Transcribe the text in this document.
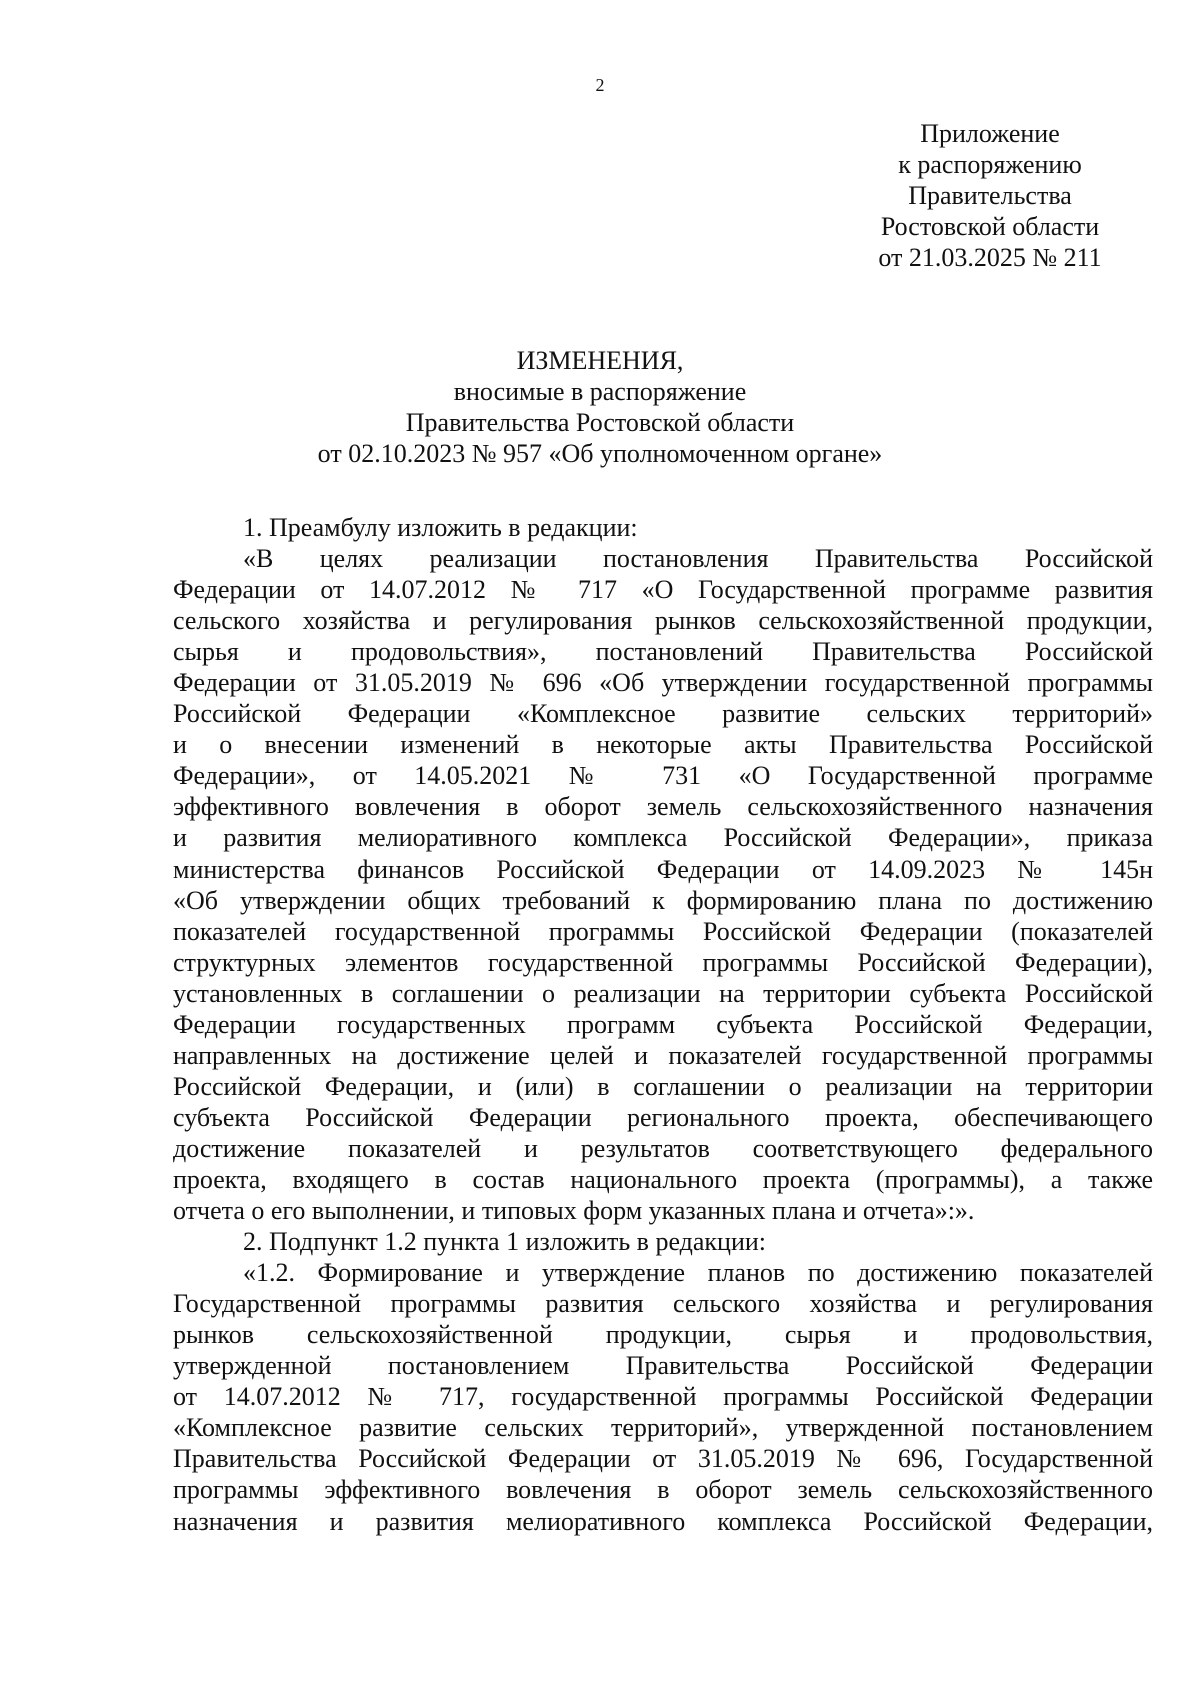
2
Приложение
к распоряжению
Правительства
Ростовской области
от 21.03.2025 № 211
ИЗМЕНЕНИЯ,
вносимые в распоряжение
Правительства Ростовской области
от 02.10.2023 № 957 «Об уполномоченном органе»
1. Преамбулу изложить в редакции:
«В целях реализации постановления Правительства Российской
Федерации от 14.07.2012 № 717 «О Государственной программе развития
сельского хозяйства и регулирования рынков сельскохозяйственной продукции,
сырья и продовольствия», постановлений Правительства Российской
Федерации от 31.05.2019 № 696 «Об утверждении государственной программы
Российской Федерации «Комплексное развитие сельских территорий»
и о внесении изменений в некоторые акты Правительства Российской
Федерации», от 14.05.2021 № 731 «О Государственной программе
эффективного вовлечения в оборот земель сельскохозяйственного назначения
и развития мелиоративного комплекса Российской Федерации», приказа
министерства финансов Российской Федерации от 14.09.2023 № 145н
«Об утверждении общих требований к формированию плана по достижению
показателей государственной программы Российской Федерации (показателей
структурных элементов государственной программы Российской Федерации),
установленных в соглашении о реализации на территории субъекта Российской
Федерации государственных программ субъекта Российской Федерации,
направленных на достижение целей и показателей государственной программы
Российской Федерации, и (или) в соглашении о реализации на территории
субъекта Российской Федерации регионального проекта, обеспечивающего
достижение показателей и результатов соответствующего федерального
проекта, входящего в состав национального проекта (программы), а также
отчета о его выполнении, и типовых форм указанных плана и отчета»:».
2. Подпункт 1.2 пункта 1 изложить в редакции:
«1.2. Формирование и утверждение планов по достижению показателей
Государственной программы развития сельского хозяйства и регулирования
рынков сельскохозяйственной продукции, сырья и продовольствия,
утвержденной постановлением Правительства Российской Федерации
от 14.07.2012 № 717, государственной программы Российской Федерации
«Комплексное развитие сельских территорий», утвержденной постановлением
Правительства Российской Федерации от 31.05.2019 № 696, Государственной
программы эффективного вовлечения в оборот земель сельскохозяйственного
назначения и развития мелиоративного комплекса Российской Федерации,
